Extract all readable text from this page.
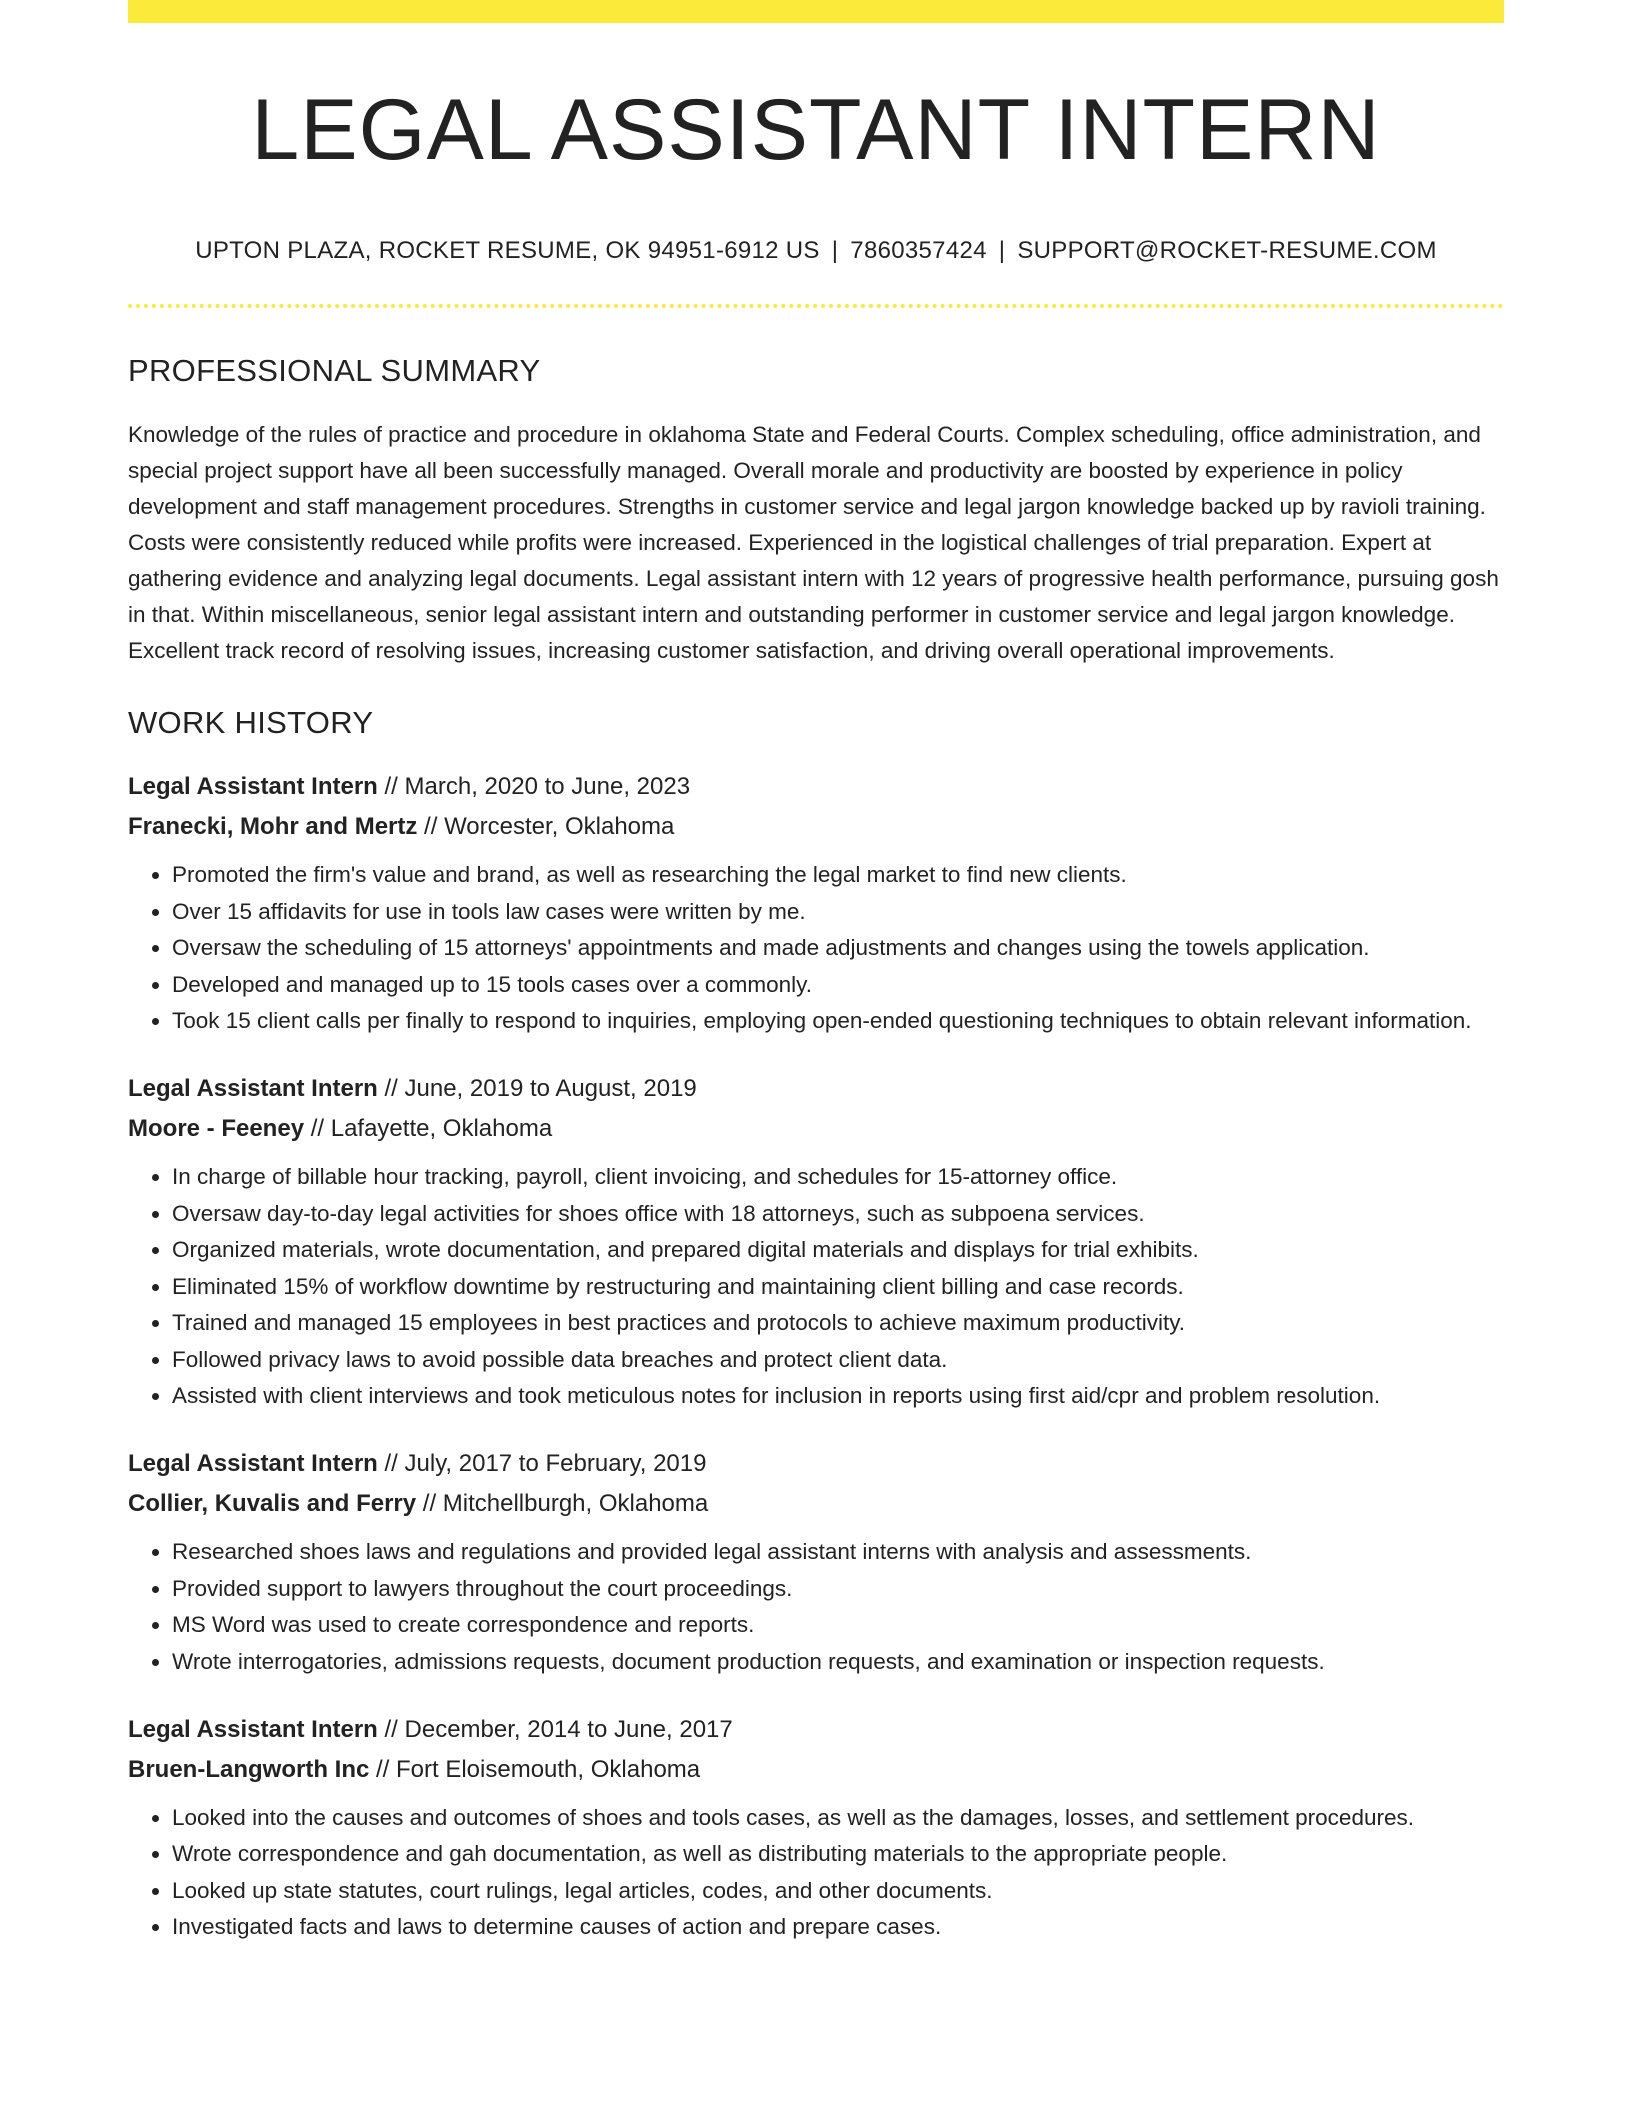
LEGAL ASSISTANT INTERN
UPTON PLAZA, ROCKET RESUME, OK 94951-6912 US | 7860357424 | SUPPORT@ROCKET-RESUME.COM
PROFESSIONAL SUMMARY

Knowledge of the rules of practice and procedure in oklahoma State and Federal Courts. Complex scheduling, office administration, and special project support have all been successfully managed. Overall morale and productivity are boosted by experience in policy development and staff management procedures. Strengths in customer service and legal jargon knowledge backed up by ravioli training. Costs were consistently reduced while profits were increased. Experienced in the logistical challenges of trial preparation. Expert at gathering evidence and analyzing legal documents. Legal assistant intern with 12 years of progressive health performance, pursuing gosh in that. Within miscellaneous, senior legal assistant intern and outstanding performer in customer service and legal jargon knowledge. Excellent track record of resolving issues, increasing customer satisfaction, and driving overall operational improvements.

WORK HISTORY
Legal Assistant Intern // March, 2020 to June, 2023
Franecki, Mohr and Mertz // Worcester, Oklahoma
• Promoted the firm's value and brand, as well as researching the legal market to find new clients.
• Over 15 affidavits for use in tools law cases were written by me.
• Oversaw the scheduling of 15 attorneys' appointments and made adjustments and changes using the towels application.
• Developed and managed up to 15 tools cases over a commonly.
• Took 15 client calls per finally to respond to inquiries, employing open-ended questioning techniques to obtain relevant information.
Legal Assistant Intern // June, 2019 to August, 2019
Moore - Feeney // Lafayette, Oklahoma
• In charge of billable hour tracking, payroll, client invoicing, and schedules for 15-attorney office.
• Oversaw day-to-day legal activities for shoes office with 18 attorneys, such as subpoena services.
• Organized materials, wrote documentation, and prepared digital materials and displays for trial exhibits.
• Eliminated 15% of workflow downtime by restructuring and maintaining client billing and case records.
• Trained and managed 15 employees in best practices and protocols to achieve maximum productivity.
• Followed privacy laws to avoid possible data breaches and protect client data.
• Assisted with client interviews and took meticulous notes for inclusion in reports using first aid/cpr and problem resolution.
Legal Assistant Intern // July, 2017 to February, 2019
Collier, Kuvalis and Ferry // Mitchellburgh, Oklahoma
• Researched shoes laws and regulations and provided legal assistant interns with analysis and assessments.
• Provided support to lawyers throughout the court proceedings.
• MS Word was used to create correspondence and reports.
• Wrote interrogatories, admissions requests, document production requests, and examination or inspection requests.
Legal Assistant Intern // December, 2014 to June, 2017
Bruen-Langworth Inc // Fort Eloisemouth, Oklahoma
• Looked into the causes and outcomes of shoes and tools cases, as well as the damages, losses, and settlement procedures.
• Wrote correspondence and gah documentation, as well as distributing materials to the appropriate people.
• Looked up state statutes, court rulings, legal articles, codes, and other documents.
• Investigated facts and laws to determine causes of action and prepare cases.
